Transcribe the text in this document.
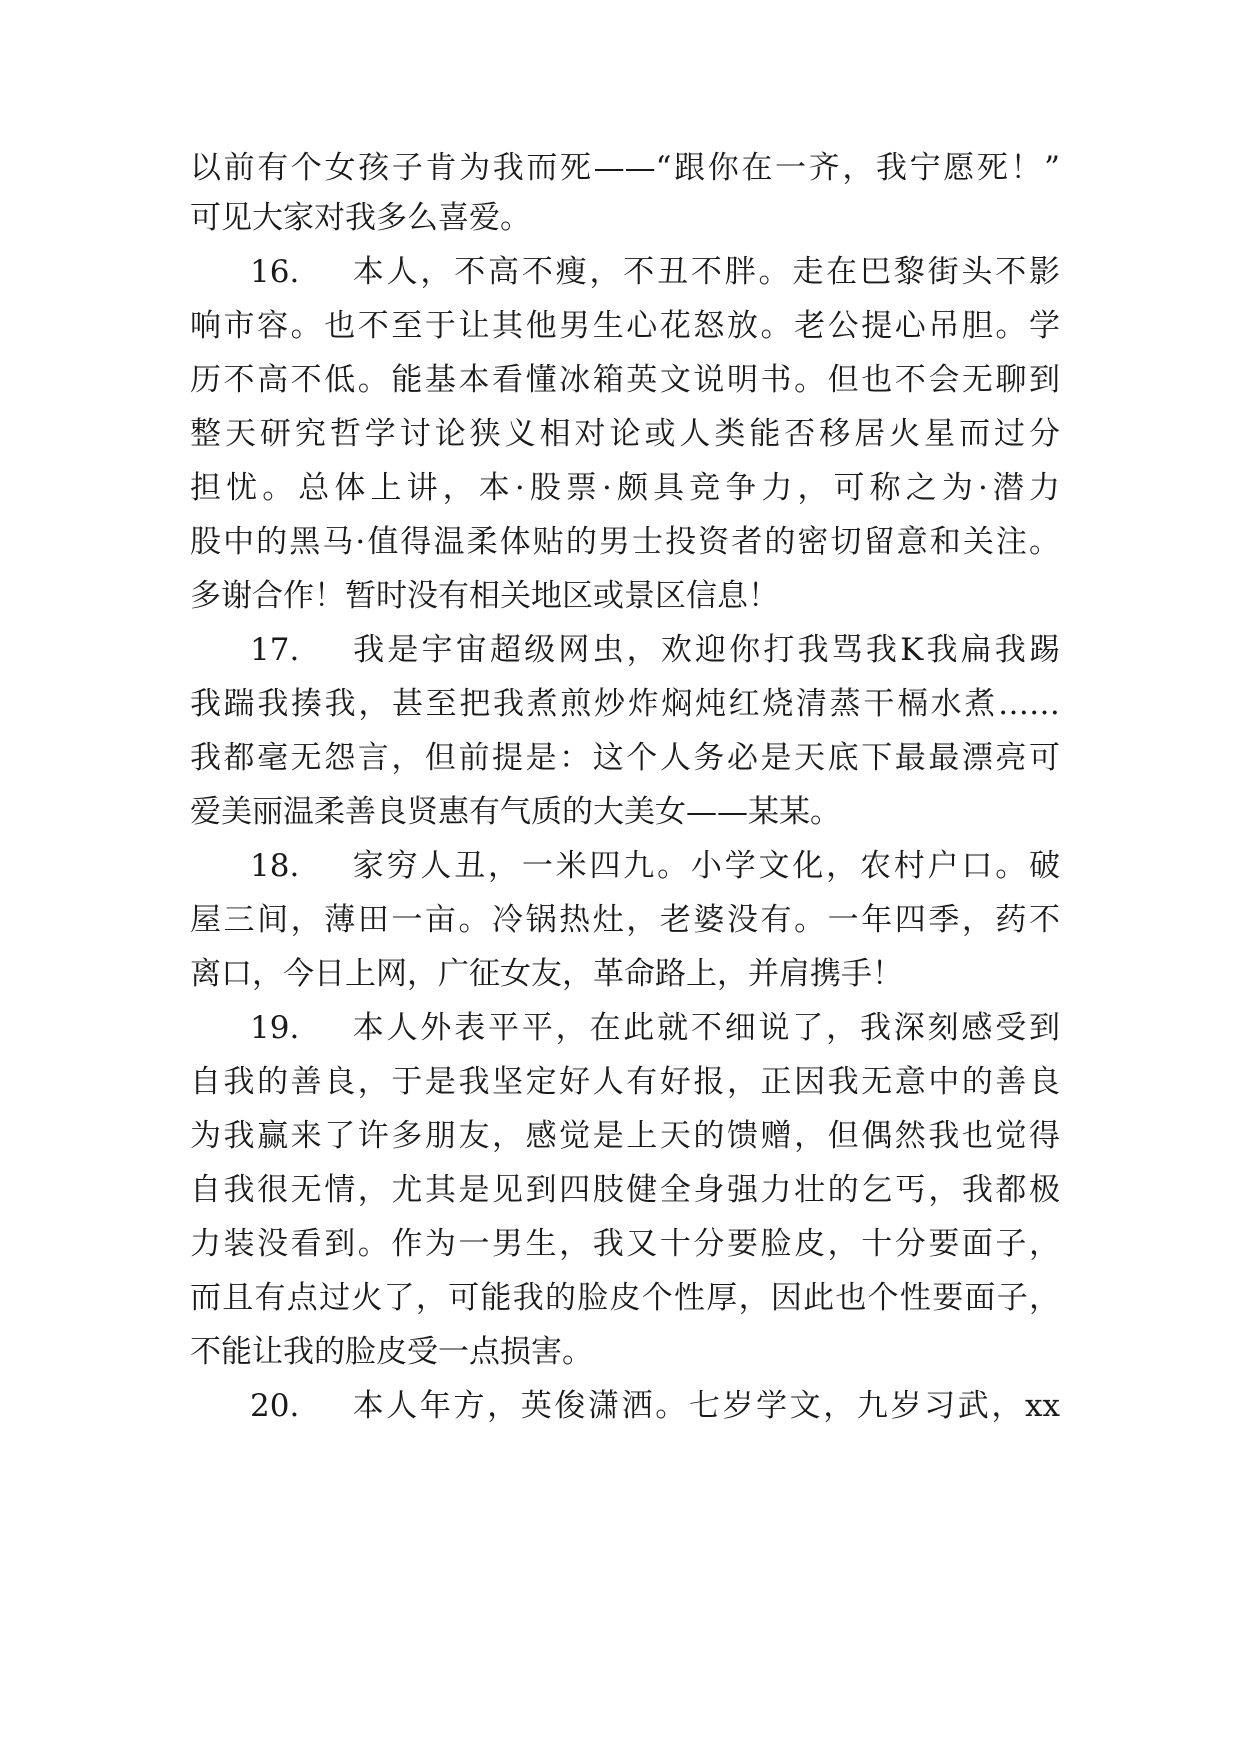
以前有个女孩子肯为我而死——“跟你在一齐，我宁愿死！”

可见大家对我多么喜爱。

16. 本人，不高不瘦，不丑不胖。走在巴黎街头不影

响市容。也不至于让其他男生心花怒放。老公提心吊胆。学

历不高不低。能基本看懂冰箱英文说明书。但也不会无聊到

整天研究哲学讨论狭义相对论或人类能否移居火星而过分

担忧。总体上讲，本·股票·颇具竞争力，可称之为·潜力

股中的黑马·值得温柔体贴的男士投资者的密切留意和关注。

多谢合作！暂时没有相关地区或景区信息！

17. 我是宇宙超级网虫，欢迎你打我骂我K我扁我踢

我踹我揍我，甚至把我煮煎炒炸焖炖红烧清蒸干槅水煮……

我都毫无怨言，但前提是：这个人务必是天底下最最漂亮可

爱美丽温柔善良贤惠有气质的大美女——某某。

18. 家穷人丑，一米四九。小学文化，农村户口。破

屋三间，薄田一亩。冷锅热灶，老婆没有。一年四季，药不

离口，今日上网，广征女友，革命路上，并肩携手！

19. 本人外表平平，在此就不细说了，我深刻感受到

自我的善良，于是我坚定好人有好报，正因我无意中的善良

为我赢来了许多朋友，感觉是上天的馈赠，但偶然我也觉得

自我很无情，尤其是见到四肢健全身强力壮的乞丐，我都极

力装没看到。作为一男生，我又十分要脸皮，十分要面子，

而且有点过火了，可能我的脸皮个性厚，因此也个性要面子，

不能让我的脸皮受一点损害。

20. 本人年方，英俊潇洒。七岁学文，九岁习武，xx
